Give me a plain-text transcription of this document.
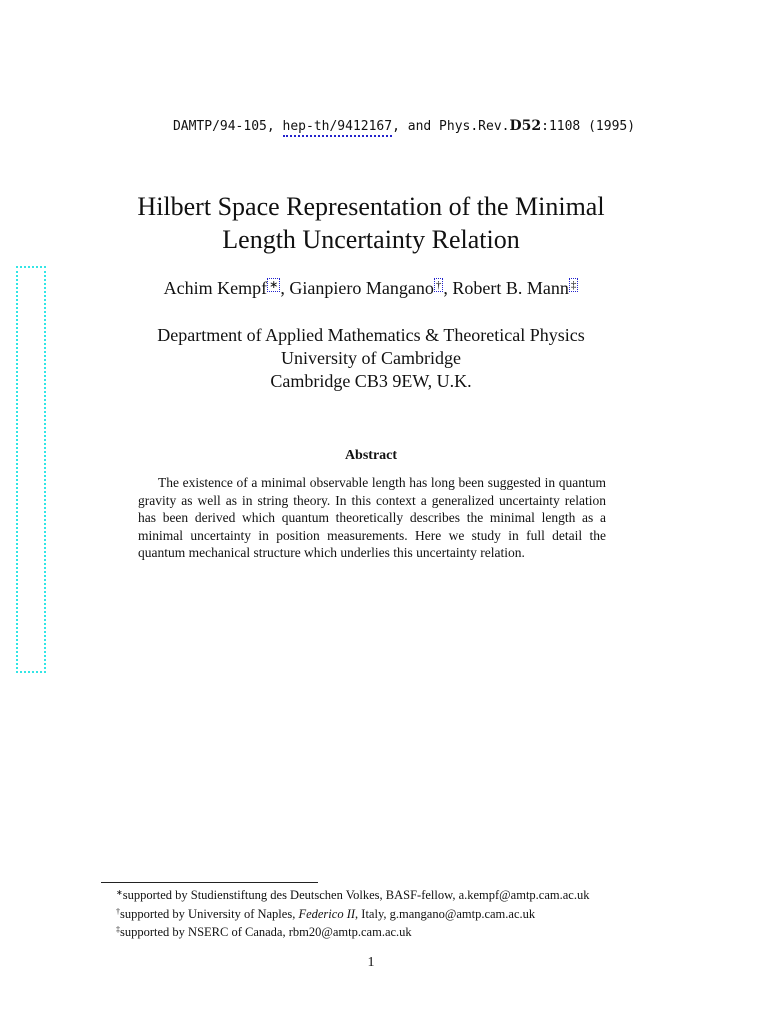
DAMTP/94-105, hep-th/9412167, and Phys.Rev.D52:1108 (1995)
Hilbert Space Representation of the Minimal
Length Uncertainty Relation
Achim Kempf ∗ , Gianpiero Mangano † , Robert B. Mann ‡
Department of Applied Mathematics & Theoretical Physics
University of Cambridge
Cambridge CB3 9EW, U.K.
Abstract
The existence of a minimal observable length has long been suggested in quantum gravity as well as in string theory. In this context a generalized uncertainty relation has been derived which quantum theoretically describes the minimal length as a minimal uncertainty in position measurements. Here we study in full detail the quantum mechanical structure which underlies this uncertainty relation.
∗supported by Studienstiftung des Deutschen Volkes, BASF-fellow, a.kempf@amtp.cam.ac.uk
†supported by University of Naples, Federico II, Italy, g.mangano@amtp.cam.ac.uk
‡supported by NSERC of Canada, rbm20@amtp.cam.ac.uk
1
